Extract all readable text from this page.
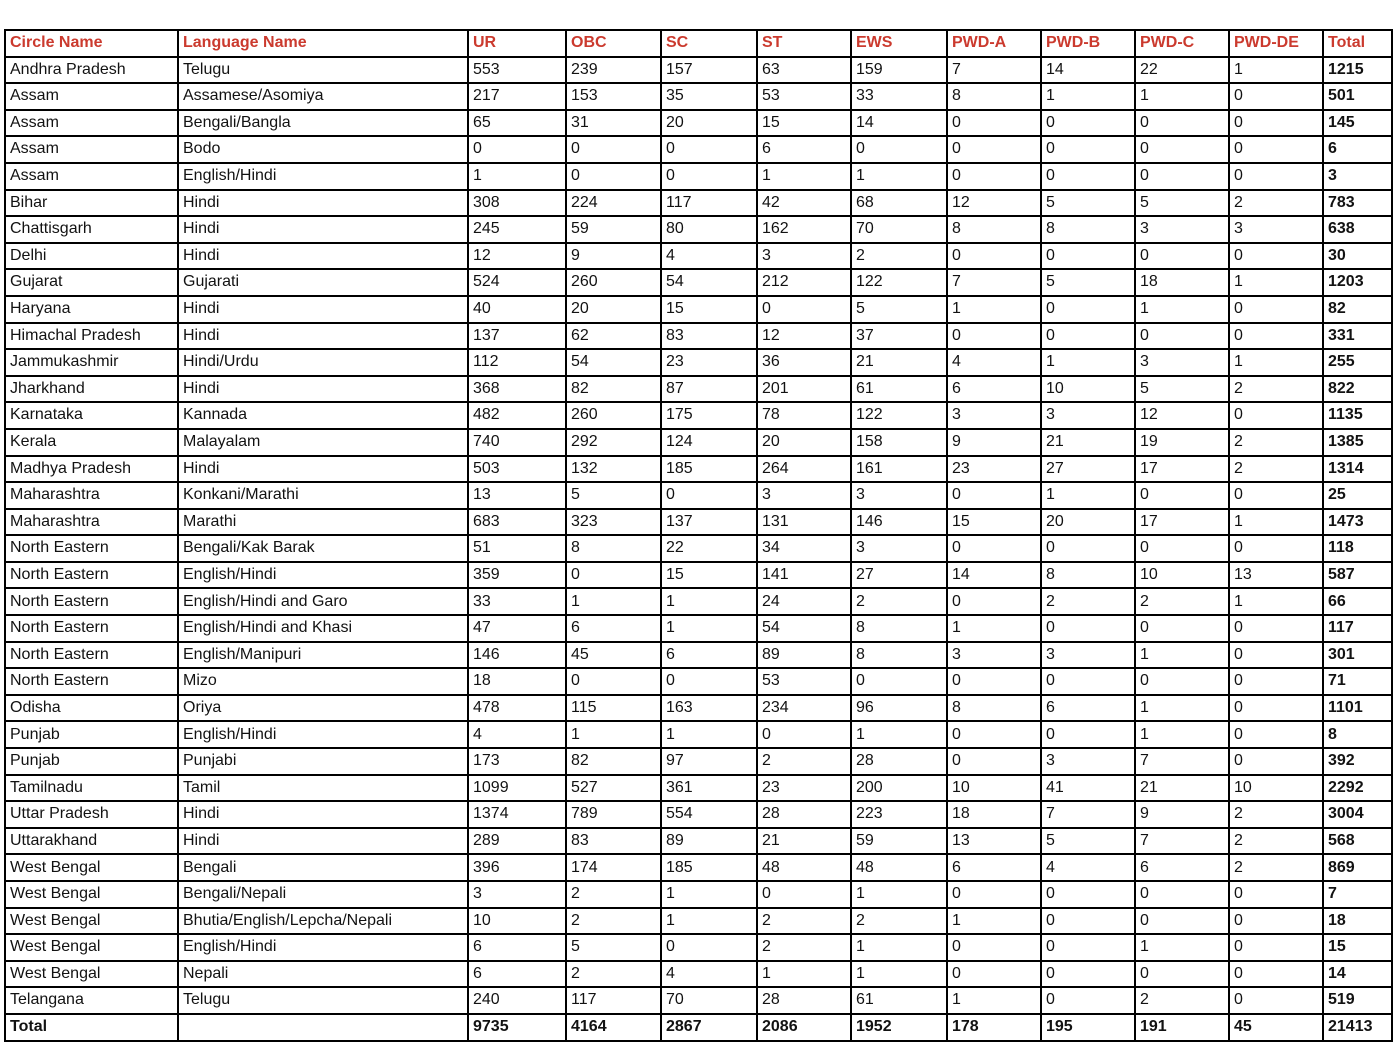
Circle Name	Language Name	UR	OBC	SC	ST	EWS	PWD-A	PWD-B	PWD-C	PWD-DE	Total
Andhra Pradesh	Telugu	553	239	157	63	159	7	14	22	1	1215
Assam	Assamese/Asomiya	217	153	35	53	33	8	1	1	0	501
Assam	Bengali/Bangla	65	31	20	15	14	0	0	0	0	145
Assam	Bodo	0	0	0	6	0	0	0	0	0	6
Assam	English/Hindi	1	0	0	1	1	0	0	0	0	3
Bihar	Hindi	308	224	117	42	68	12	5	5	2	783
Chattisgarh	Hindi	245	59	80	162	70	8	8	3	3	638
Delhi	Hindi	12	9	4	3	2	0	0	0	0	30
Gujarat	Gujarati	524	260	54	212	122	7	5	18	1	1203
Haryana	Hindi	40	20	15	0	5	1	0	1	0	82
Himachal Pradesh	Hindi	137	62	83	12	37	0	0	0	0	331
Jammukashmir	Hindi/Urdu	112	54	23	36	21	4	1	3	1	255
Jharkhand	Hindi	368	82	87	201	61	6	10	5	2	822
Karnataka	Kannada	482	260	175	78	122	3	3	12	0	1135
Kerala	Malayalam	740	292	124	20	158	9	21	19	2	1385
Madhya Pradesh	Hindi	503	132	185	264	161	23	27	17	2	1314
Maharashtra	Konkani/Marathi	13	5	0	3	3	0	1	0	0	25
Maharashtra	Marathi	683	323	137	131	146	15	20	17	1	1473
North Eastern	Bengali/Kak Barak	51	8	22	34	3	0	0	0	0	118
North Eastern	English/Hindi	359	0	15	141	27	14	8	10	13	587
North Eastern	English/Hindi and Garo	33	1	1	24	2	0	2	2	1	66
North Eastern	English/Hindi and Khasi	47	6	1	54	8	1	0	0	0	117
North Eastern	English/Manipuri	146	45	6	89	8	3	3	1	0	301
North Eastern	Mizo	18	0	0	53	0	0	0	0	0	71
Odisha	Oriya	478	115	163	234	96	8	6	1	0	1101
Punjab	English/Hindi	4	1	1	0	1	0	0	1	0	8
Punjab	Punjabi	173	82	97	2	28	0	3	7	0	392
Tamilnadu	Tamil	1099	527	361	23	200	10	41	21	10	2292
Uttar Pradesh	Hindi	1374	789	554	28	223	18	7	9	2	3004
Uttarakhand	Hindi	289	83	89	21	59	13	5	7	2	568
West Bengal	Bengali	396	174	185	48	48	6	4	6	2	869
West Bengal	Bengali/Nepali	3	2	1	0	1	0	0	0	0	7
West Bengal	Bhutia/English/Lepcha/Nepali	10	2	1	2	2	1	0	0	0	18
West Bengal	English/Hindi	6	5	0	2	1	0	0	1	0	15
West Bengal	Nepali	6	2	4	1	1	0	0	0	0	14
Telangana	Telugu	240	117	70	28	61	1	0	2	0	519
Total		9735	4164	2867	2086	1952	178	195	191	45	21413
